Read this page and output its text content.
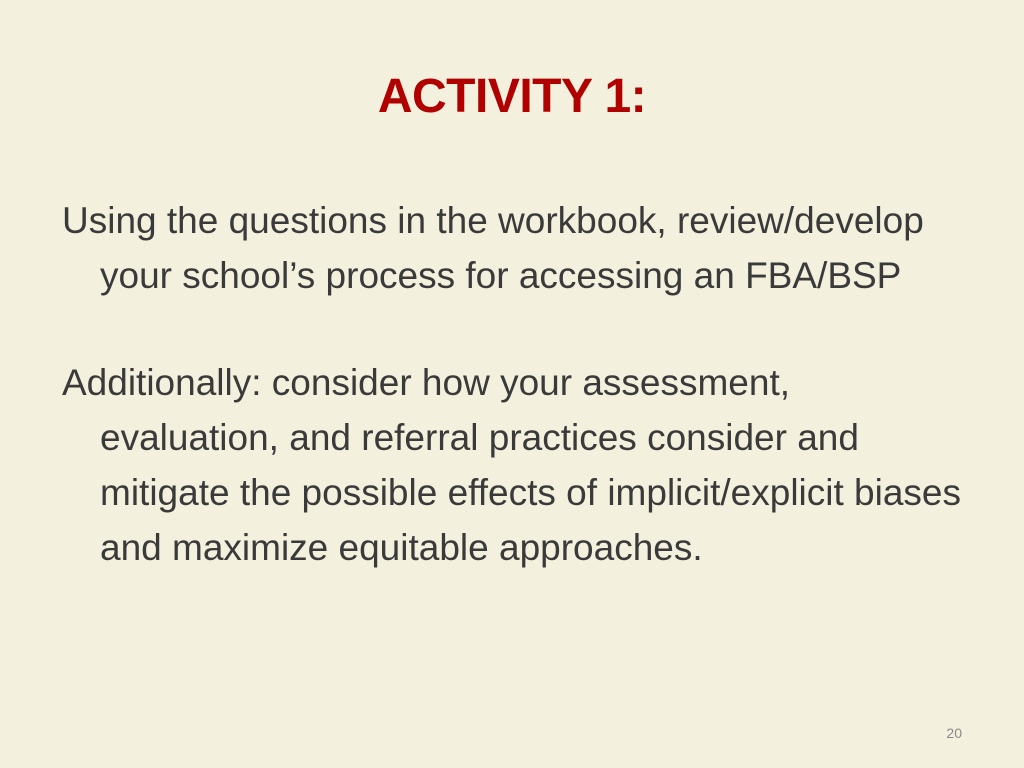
ACTIVITY 1:

Using the questions in the workbook, review/develop your school’s process for accessing an FBA/BSP

Additionally: consider how your assessment, evaluation, and referral practices consider and mitigate the possible effects of implicit/explicit biases and maximize equitable approaches.

20
